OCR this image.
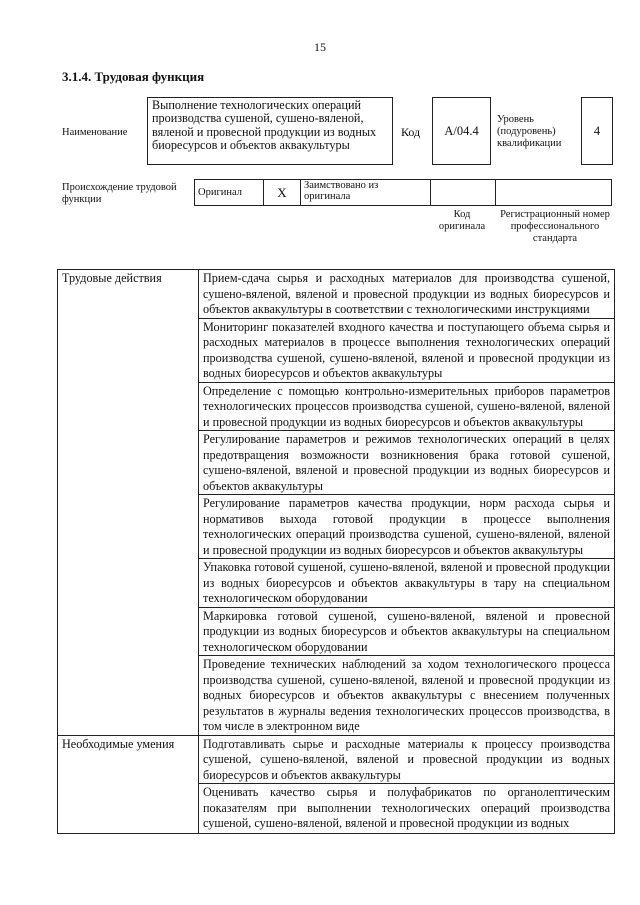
15
3.1.4. Трудовая функция
Наименование
Выполнение технологических операций производства сушеной, сушено-вяленой, вяленой и провесной продукции из водных биоресурсов и объектов аквакультуры
Код	А/04.4
Уровень (подуровень) квалификации
4
Происхождение трудовой функции
Оригинал	Х	Заимствовано из оригинала		
Код оригинала
Регистрационный номер профессионального стандарта
Трудовые действия	Прием-сдача сырья и расходных материалов для производства сушеной, сушено-вяленой, вяленой и провесной продукции из водных биоресурсов и объектов аквакультуры в соответствии с технологическими инструкциями
	Мониторинг показателей входного качества и поступающего объема сырья и расходных материалов в процессе выполнения технологических операций производства сушеной, сушено-вяленой, вяленой и провесной продукции из водных биоресурсов и объектов аквакультуры
	Определение с помощью контрольно-измерительных приборов параметров технологических процессов производства сушеной, сушено-вяленой, вяленой и провесной продукции из водных биоресурсов и объектов аквакультуры
	Регулирование параметров и режимов технологических операций в целях предотвращения возможности возникновения брака готовой сушеной, сушено-вяленой, вяленой и провесной продукции из водных биоресурсов и объектов аквакультуры
	Регулирование параметров качества продукции, норм расхода сырья и нормативов выхода готовой продукции в процессе выполнения технологических операций производства сушеной, сушено-вяленой, вяленой и провесной продукции из водных биоресурсов и объектов аквакультуры
	Упаковка готовой сушеной, сушено-вяленой, вяленой и провесной продукции из водных биоресурсов и объектов аквакультуры в тару на специальном технологическом оборудовании
	Маркировка готовой сушеной, сушено-вяленой, вяленой и провесной продукции из водных биоресурсов и объектов аквакультуры на специальном технологическом оборудовании
	Проведение технических наблюдений за ходом технологического процесса производства сушеной, сушено-вяленой, вяленой и провесной продукции из водных биоресурсов и объектов аквакультуры с внесением полученных результатов в журналы ведения технологических процессов производства, в том числе в электронном виде
Необходимые умения	Подготавливать сырье и расходные материалы к процессу производства сушеной, сушено-вяленой, вяленой и провесной продукции из водных биоресурсов и объектов аквакультуры
	Оценивать качество сырья и полуфабрикатов по органолептическим показателям при выполнении технологических операций производства сушеной, сушено-вяленой, вяленой и провесной продукции из водных
